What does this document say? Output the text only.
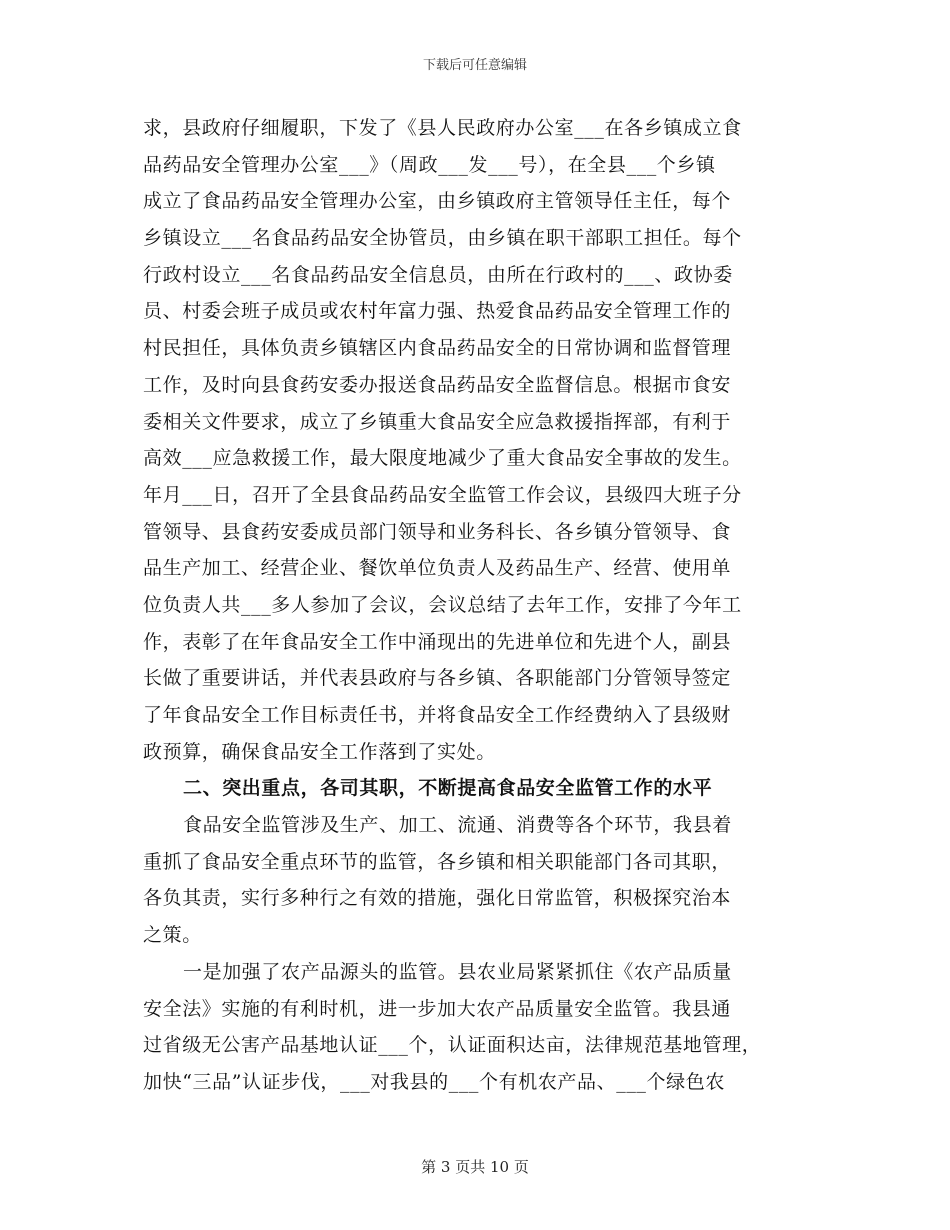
下载后可任意编辑
求，县政府仔细履职，下发了《县人民政府办公室___在各乡镇成立食
品药品安全管理办公室___》（周政___发___号），在全县___个乡镇
成立了食品药品安全管理办公室，由乡镇政府主管领导任主任，每个
乡镇设立___名食品药品安全协管员，由乡镇在职干部职工担任。每个
行政村设立___名食品药品安全信息员，由所在行政村的___、政协委
员、村委会班子成员或农村年富力强、热爱食品药品安全管理工作的
村民担任，具体负责乡镇辖区内食品药品安全的日常协调和监督管理
工作，及时向县食药安委办报送食品药品安全监督信息。根据市食安
委相关文件要求，成立了乡镇重大食品安全应急救援指挥部，有利于
高效___应急救援工作，最大限度地减少了重大食品安全事故的发生。
年月___日，召开了全县食品药品安全监管工作会议，县级四大班子分
管领导、县食药安委成员部门领导和业务科长、各乡镇分管领导、食
品生产加工、经营企业、餐饮单位负责人及药品生产、经营、使用单
位负责人共___多人参加了会议，会议总结了去年工作，安排了今年工
作，表彰了在年食品安全工作中涌现出的先进单位和先进个人，副县
长做了重要讲话，并代表县政府与各乡镇、各职能部门分管领导签定
了年食品安全工作目标责任书，并将食品安全工作经费纳入了县级财
政预算，确保食品安全工作落到了实处。
二、突出重点，各司其职，不断提高食品安全监管工作的水平
食品安全监管涉及生产、加工、流通、消费等各个环节，我县着
重抓了食品安全重点环节的监管，各乡镇和相关职能部门各司其职，
各负其责，实行多种行之有效的措施，强化日常监管，积极探究治本
之策。
一是加强了农产品源头的监管。县农业局紧紧抓住《农产品质量
安全法》实施的有利时机，进一步加大农产品质量安全监管。我县通
过省级无公害产品基地认证___个，认证面积达亩，法律规范基地管理，
加快“三品”认证步伐，___对我县的___个有机农产品、___个绿色农
第 3 页共 10 页
